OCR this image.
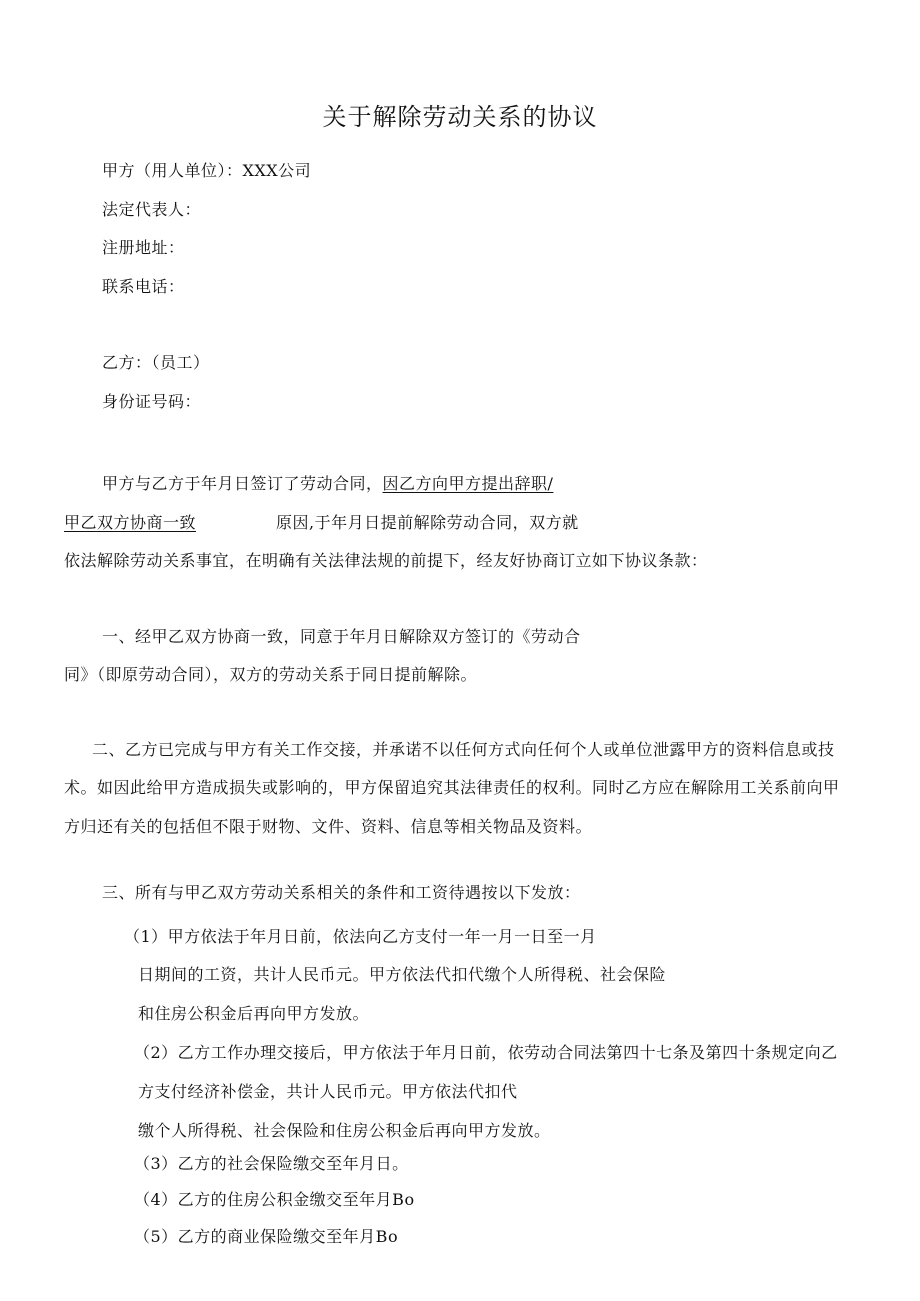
关于解除劳动关系的协议
甲方（用人单位）：XXX公司
法定代表人：
注册地址：
联系电话：
乙方：（员工）
身份证号码：
甲方与乙方于年月日签订了劳动合同，因乙方向甲方提出辞职/
甲乙双方协商一致	原因,于年月日提前解除劳动合同，双方就
依法解除劳动关系事宜，在明确有关法律法规的前提下，经友好协商订立如下协议条款：
一、经甲乙双方协商一致，同意于年月日解除双方签订的《劳动合
同》（即原劳动合同），双方的劳动关系于同日提前解除。
二、乙方已完成与甲方有关工作交接，并承诺不以任何方式向任何个人或单位泄露甲方的资料信息或技
术。如因此给甲方造成损失或影响的，甲方保留追究其法律责任的权利。同时乙方应在解除用工关系前向甲
方归还有关的包括但不限于财物、文件、资料、信息等相关物品及资料。
三、所有与甲乙双方劳动关系相关的条件和工资待遇按以下发放：
（1）甲方依法于年月日前，依法向乙方支付一年一月一日至一月
日期间的工资，共计人民币元。甲方依法代扣代缴个人所得税、社会保险
和住房公积金后再向甲方发放。
（2）乙方工作办理交接后，甲方依法于年月日前，依劳动合同法第四十七条及第四十条规定向乙
方支付经济补偿金，共计人民币元。甲方依法代扣代
缴个人所得税、社会保险和住房公积金后再向甲方发放。
（3）乙方的社会保险缴交至年月日。
（4）乙方的住房公积金缴交至年月Bo
（5）乙方的商业保险缴交至年月Bo
